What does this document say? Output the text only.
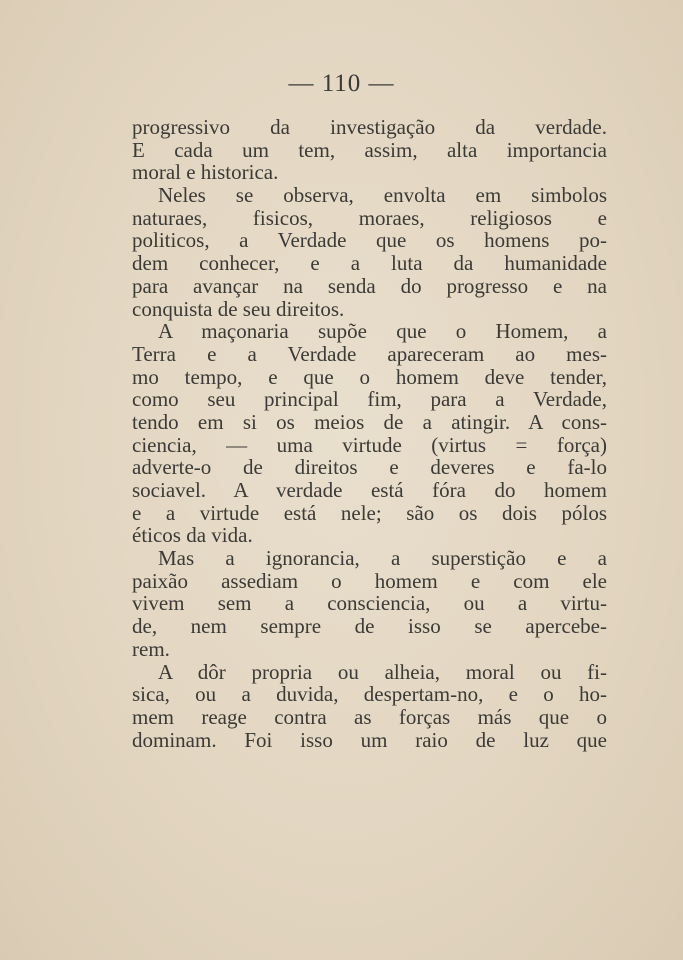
— 110 —
progressivo da investigação da verdade.
E cada um tem, assim, alta importancia
moral e historica.
Neles se observa, envolta em simbolos
naturaes, fisicos, moraes, religiosos e
politicos, a Verdade que os homens po-
dem conhecer, e a luta da humanidade
para avançar na senda do progresso e na
conquista de seu direitos.
A maçonaria supõe que o Homem, a
Terra e a Verdade apareceram ao mes-
mo tempo, e que o homem deve tender,
como seu principal fim, para a Verdade,
tendo em si os meios de a atingir. A cons-
ciencia, — uma virtude (virtus = força)
adverte-o de direitos e deveres e fa-lo
sociavel. A verdade está fóra do homem
e a virtude está nele; são os dois pólos
éticos da vida.
Mas a ignorancia, a superstição e a
paixão assediam o homem e com ele
vivem sem a consciencia, ou a virtu-
de, nem sempre de isso se apercebe-
rem.
A dôr propria ou alheia, moral ou fi-
sica, ou a duvida, despertam-no, e o ho-
mem reage contra as forças más que o
dominam. Foi isso um raio de luz que
